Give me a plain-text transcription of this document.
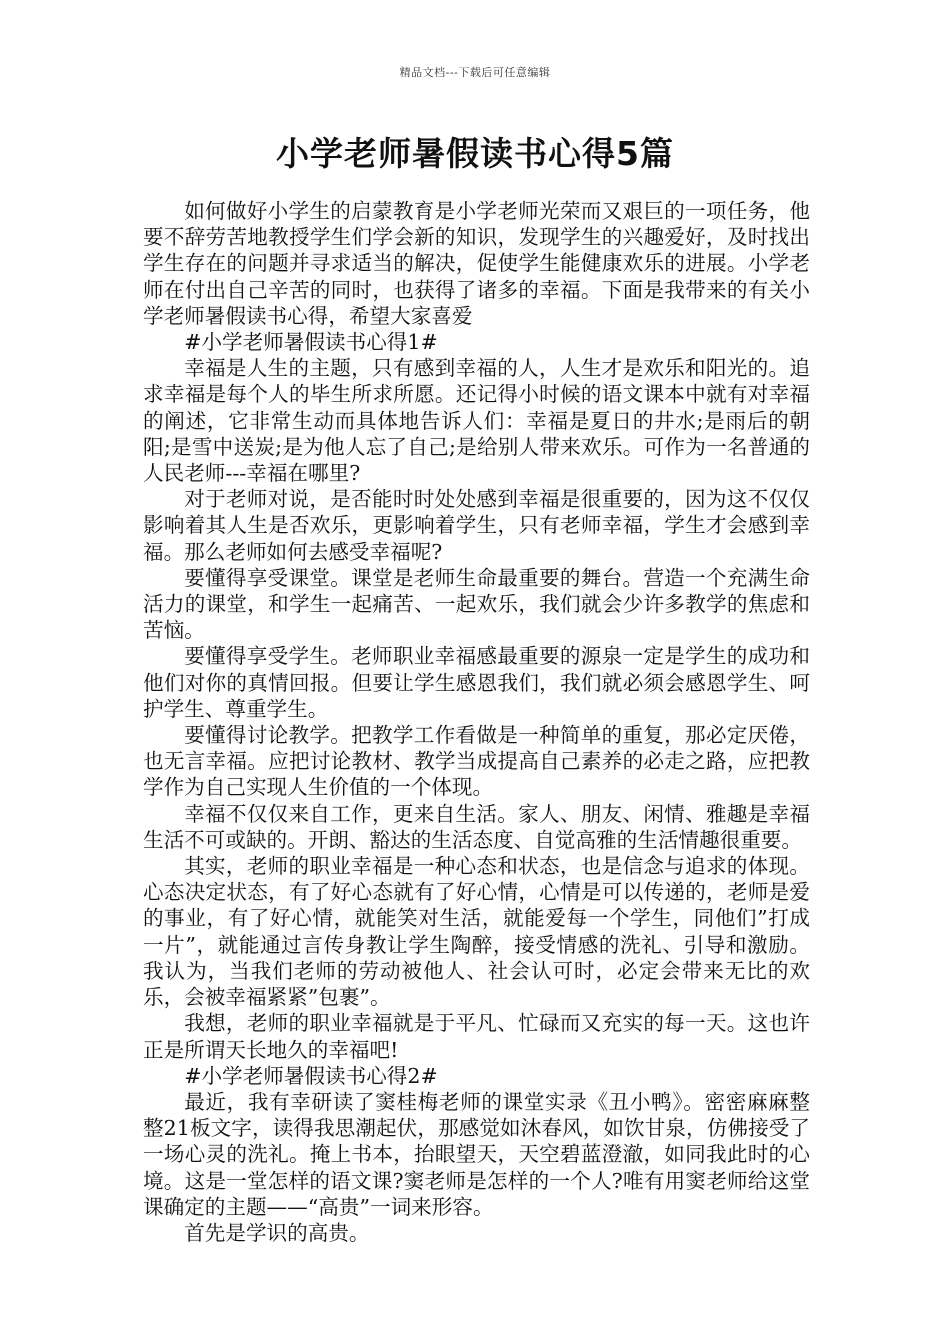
精品文档---下载后可任意编辑
小学老师暑假读书心得5篇

如何做好小学生的启蒙教育是小学老师光荣而又艰巨的一项任务，他要不辞劳苦地教授学生们学会新的知识，发现学生的兴趣爱好，及时找出学生存在的问题并寻求适当的解决，促使学生能健康欢乐的进展。小学老师在付出自己辛苦的同时，也获得了诸多的幸福。下面是我带来的有关小学老师暑假读书心得，希望大家喜爱

#小学老师暑假读书心得1#

幸福是人生的主题，只有感到幸福的人，人生才是欢乐和阳光的。追求幸福是每个人的毕生所求所愿。还记得小时候的语文课本中就有对幸福的阐述，它非常生动而具体地告诉人们：幸福是夏日的井水;是雨后的朝阳;是雪中送炭;是为他人忘了自己;是给别人带来欢乐。可作为一名普通的人民老师---幸福在哪里?

对于老师对说，是否能时时处处感到幸福是很重要的，因为这不仅仅影响着其人生是否欢乐，更影响着学生，只有老师幸福，学生才会感到幸福。那么老师如何去感受幸福呢?

要懂得享受课堂。课堂是老师生命最重要的舞台。营造一个充满生命活力的课堂，和学生一起痛苦、一起欢乐，我们就会少许多教学的焦虑和苦恼。

要懂得享受学生。老师职业幸福感最重要的源泉一定是学生的成功和他们对你的真情回报。但要让学生感恩我们，我们就必须会感恩学生、呵护学生、尊重学生。

要懂得讨论教学。把教学工作看做是一种简单的重复，那必定厌倦，也无言幸福。应把讨论教材、教学当成提高自己素养的必走之路，应把教学作为自己实现人生价值的一个体现。

幸福不仅仅来自工作，更来自生活。家人、朋友、闲情、雅趣是幸福生活不可或缺的。开朗、豁达的生活态度、自觉高雅的生活情趣很重要。

其实，老师的职业幸福是一种心态和状态，也是信念与追求的体现。心态决定状态，有了好心态就有了好心情，心情是可以传递的，老师是爱的事业，有了好心情，就能笑对生活，就能爱每一个学生，同他们”打成一片”，就能通过言传身教让学生陶醉，接受情感的洗礼、引导和激励。我认为，当我们老师的劳动被他人、社会认可时，必定会带来无比的欢乐，会被幸福紧紧”包裹”。

我想，老师的职业幸福就是于平凡、忙碌而又充实的每一天。这也许正是所谓天长地久的幸福吧!

#小学老师暑假读书心得2#

最近，我有幸研读了窦桂梅老师的课堂实录《丑小鸭》。密密麻麻整整21板文字，读得我思潮起伏，那感觉如沐春风，如饮甘泉，仿佛接受了一场心灵的洗礼。掩上书本，抬眼望天，天空碧蓝澄澈，如同我此时的心境。这是一堂怎样的语文课?窦老师是怎样的一个人?唯有用窦老师给这堂课确定的主题——“高贵”一词来形容。

首先是学识的高贵。
